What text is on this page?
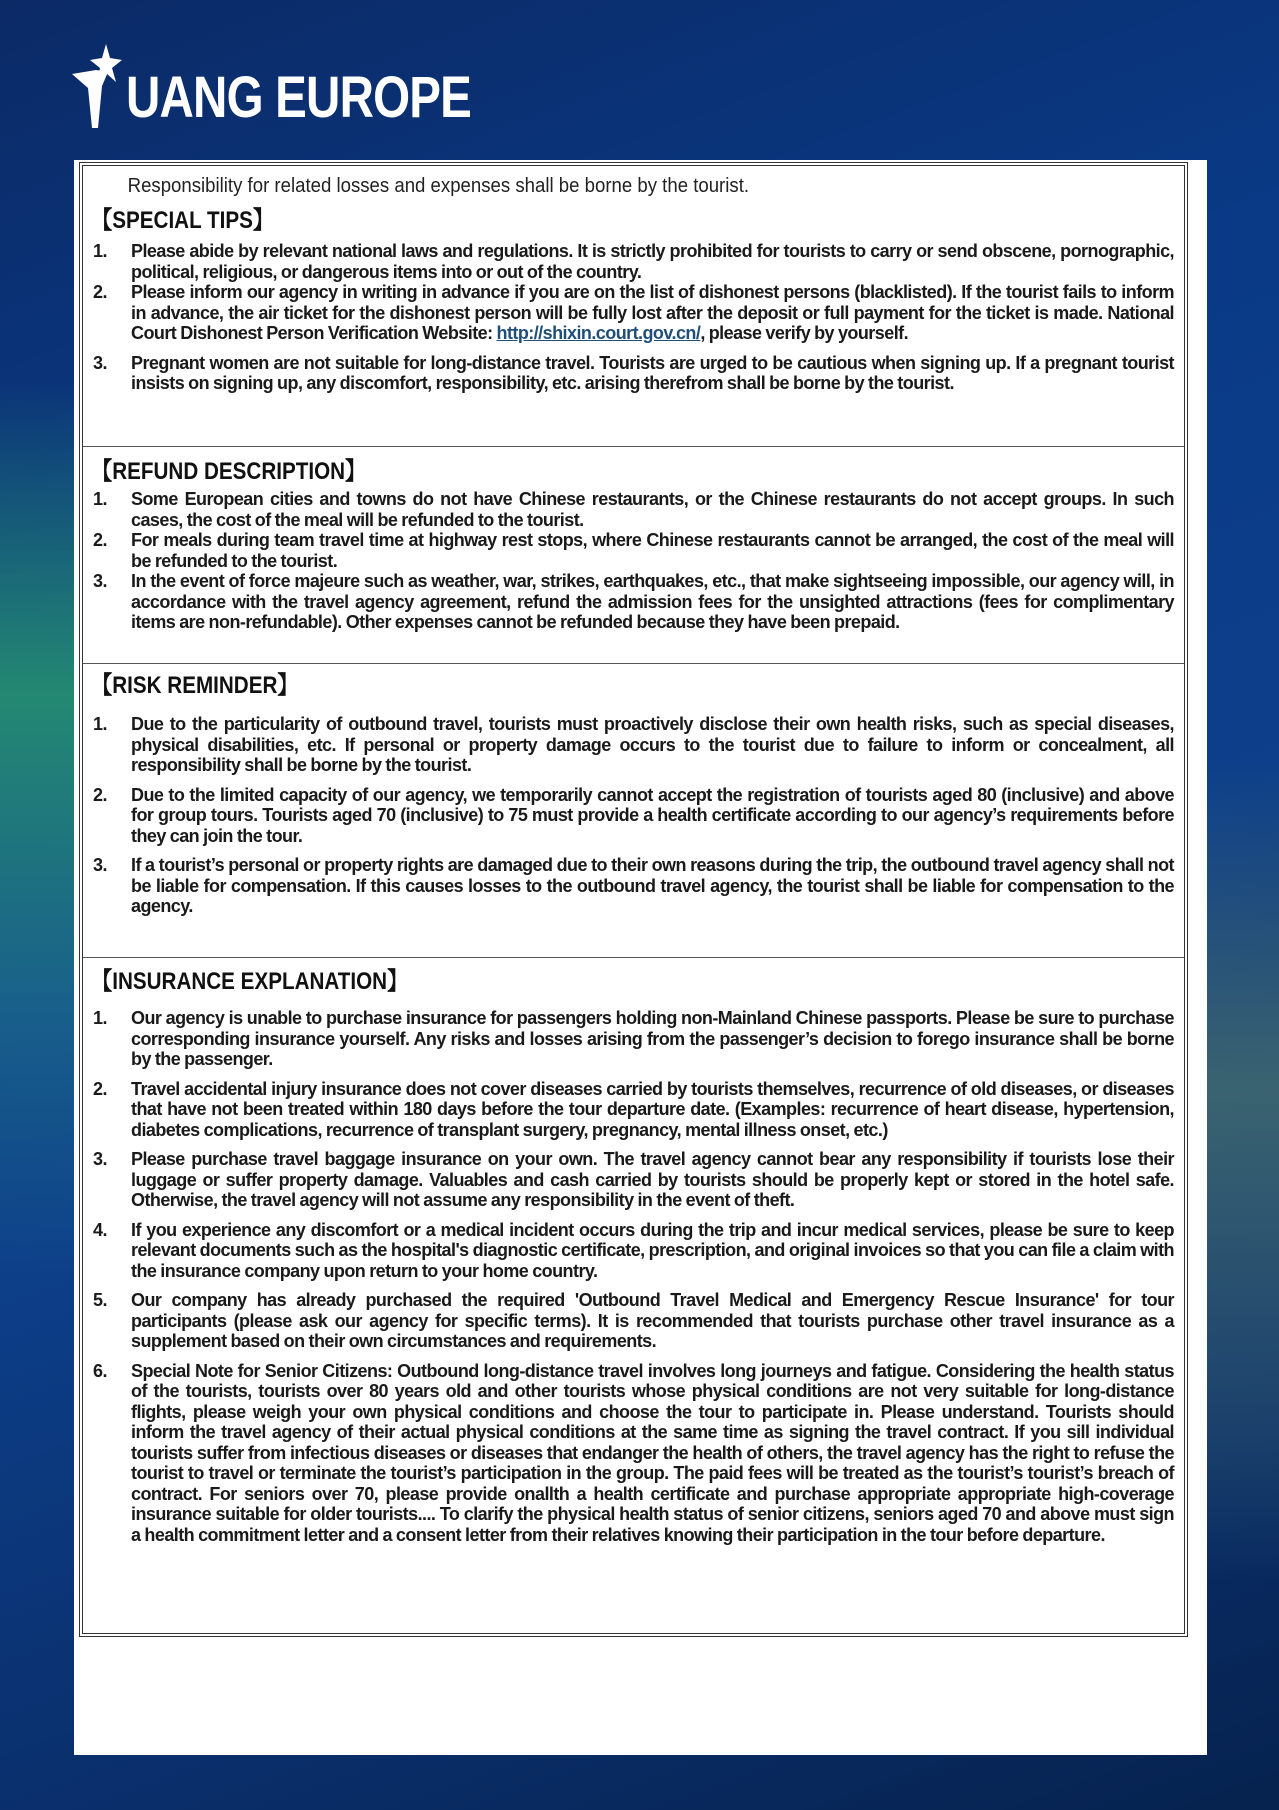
UANG EUROPE
Responsibility for related losses and expenses shall be borne by the tourist.
【SPECIAL TIPS】
1.	Please abide by relevant national laws and regulations. It is strictly prohibited for tourists to carry or send obscene, pornographic, political, religious, or dangerous items into or out of the country.
2.	Please inform our agency in writing in advance if you are on the list of dishonest persons (blacklisted). If the tourist fails to inform in advance, the air ticket for the dishonest person will be fully lost after the deposit or full payment for the ticket is made. National Court Dishonest Person Verification Website: http://shixin.court.gov.cn/, please verify by yourself.
3.	Pregnant women are not suitable for long-distance travel. Tourists are urged to be cautious when signing up. If a pregnant tourist insists on signing up, any discomfort, responsibility, etc. arising therefrom shall be borne by the tourist.
【REFUND DESCRIPTION】
1.	Some European cities and towns do not have Chinese restaurants, or the Chinese restaurants do not accept groups. In such cases, the cost of the meal will be refunded to the tourist.
2.	For meals during team travel time at highway rest stops, where Chinese restaurants cannot be arranged, the cost of the meal will be refunded to the tourist.
3.	In the event of force majeure such as weather, war, strikes, earthquakes, etc., that make sightseeing impossible, our agency will, in accordance with the travel agency agreement, refund the admission fees for the unsighted attractions (fees for complimentary items are non-refundable). Other expenses cannot be refunded because they have been prepaid.
【RISK REMINDER】
1.	Due to the particularity of outbound travel, tourists must proactively disclose their own health risks, such as special diseases, physical disabilities, etc. If personal or property damage occurs to the tourist due to failure to inform or concealment, all responsibility shall be borne by the tourist.
2.	Due to the limited capacity of our agency, we temporarily cannot accept the registration of tourists aged 80 (inclusive) and above for group tours. Tourists aged 70 (inclusive) to 75 must provide a health certificate according to our agency’s requirements before they can join the tour.
3.	If a tourist’s personal or property rights are damaged due to their own reasons during the trip, the outbound travel agency shall not be liable for compensation. If this causes losses to the outbound travel agency, the tourist shall be liable for compensation to the agency.
【INSURANCE EXPLANATION】
1.	Our agency is unable to purchase insurance for passengers holding non-Mainland Chinese passports. Please be sure to purchase corresponding insurance yourself. Any risks and losses arising from the passenger’s decision to forego insurance shall be borne by the passenger.
2.	Travel accidental injury insurance does not cover diseases carried by tourists themselves, recurrence of old diseases, or diseases that have not been treated within 180 days before the tour departure date. (Examples: recurrence of heart disease, hypertension, diabetes complications, recurrence of transplant surgery, pregnancy, mental illness onset, etc.)
3.	Please purchase travel baggage insurance on your own. The travel agency cannot bear any responsibility if tourists lose their luggage or suffer property damage. Valuables and cash carried by tourists should be properly kept or stored in the hotel safe. Otherwise, the travel agency will not assume any responsibility in the event of theft.
4.	If you experience any discomfort or a medical incident occurs during the trip and incur medical services, please be sure to keep relevant documents such as the hospital's diagnostic certificate, prescription, and original invoices so that you can file a claim with the insurance company upon return to your home country.
5.	Our company has already purchased the required 'Outbound Travel Medical and Emergency Rescue Insurance' for tour participants (please ask our agency for specific terms). It is recommended that tourists purchase other travel insurance as a supplement based on their own circumstances and requirements.
6.	Special Note for Senior Citizens: Outbound long-distance travel involves long journeys and fatigue. Considering the health status of the tourists, tourists over 80 years old and other tourists whose physical conditions are not very suitable for long-distance flights, please weigh your own physical conditions and choose the tour to participate in. Please understand. Tourists should inform the travel agency of their actual physical conditions at the same time as signing the travel contract. If you sill individual tourists suffer from infectious diseases or diseases that endanger the health of others, the travel agency has the right to refuse the tourist to travel or terminate the tourist’s participation in the group. The paid fees will be treated as the tourist’s tourist’s breach of contract. For seniors over 70, please provide onallth a health certificate and purchase appropriate appropriate high-coverage insurance suitable for older tourists.... To clarify the physical health status of senior citizens, seniors aged 70 and above must sign a health commitment letter and a consent letter from their relatives knowing their participation in the tour before departure.
